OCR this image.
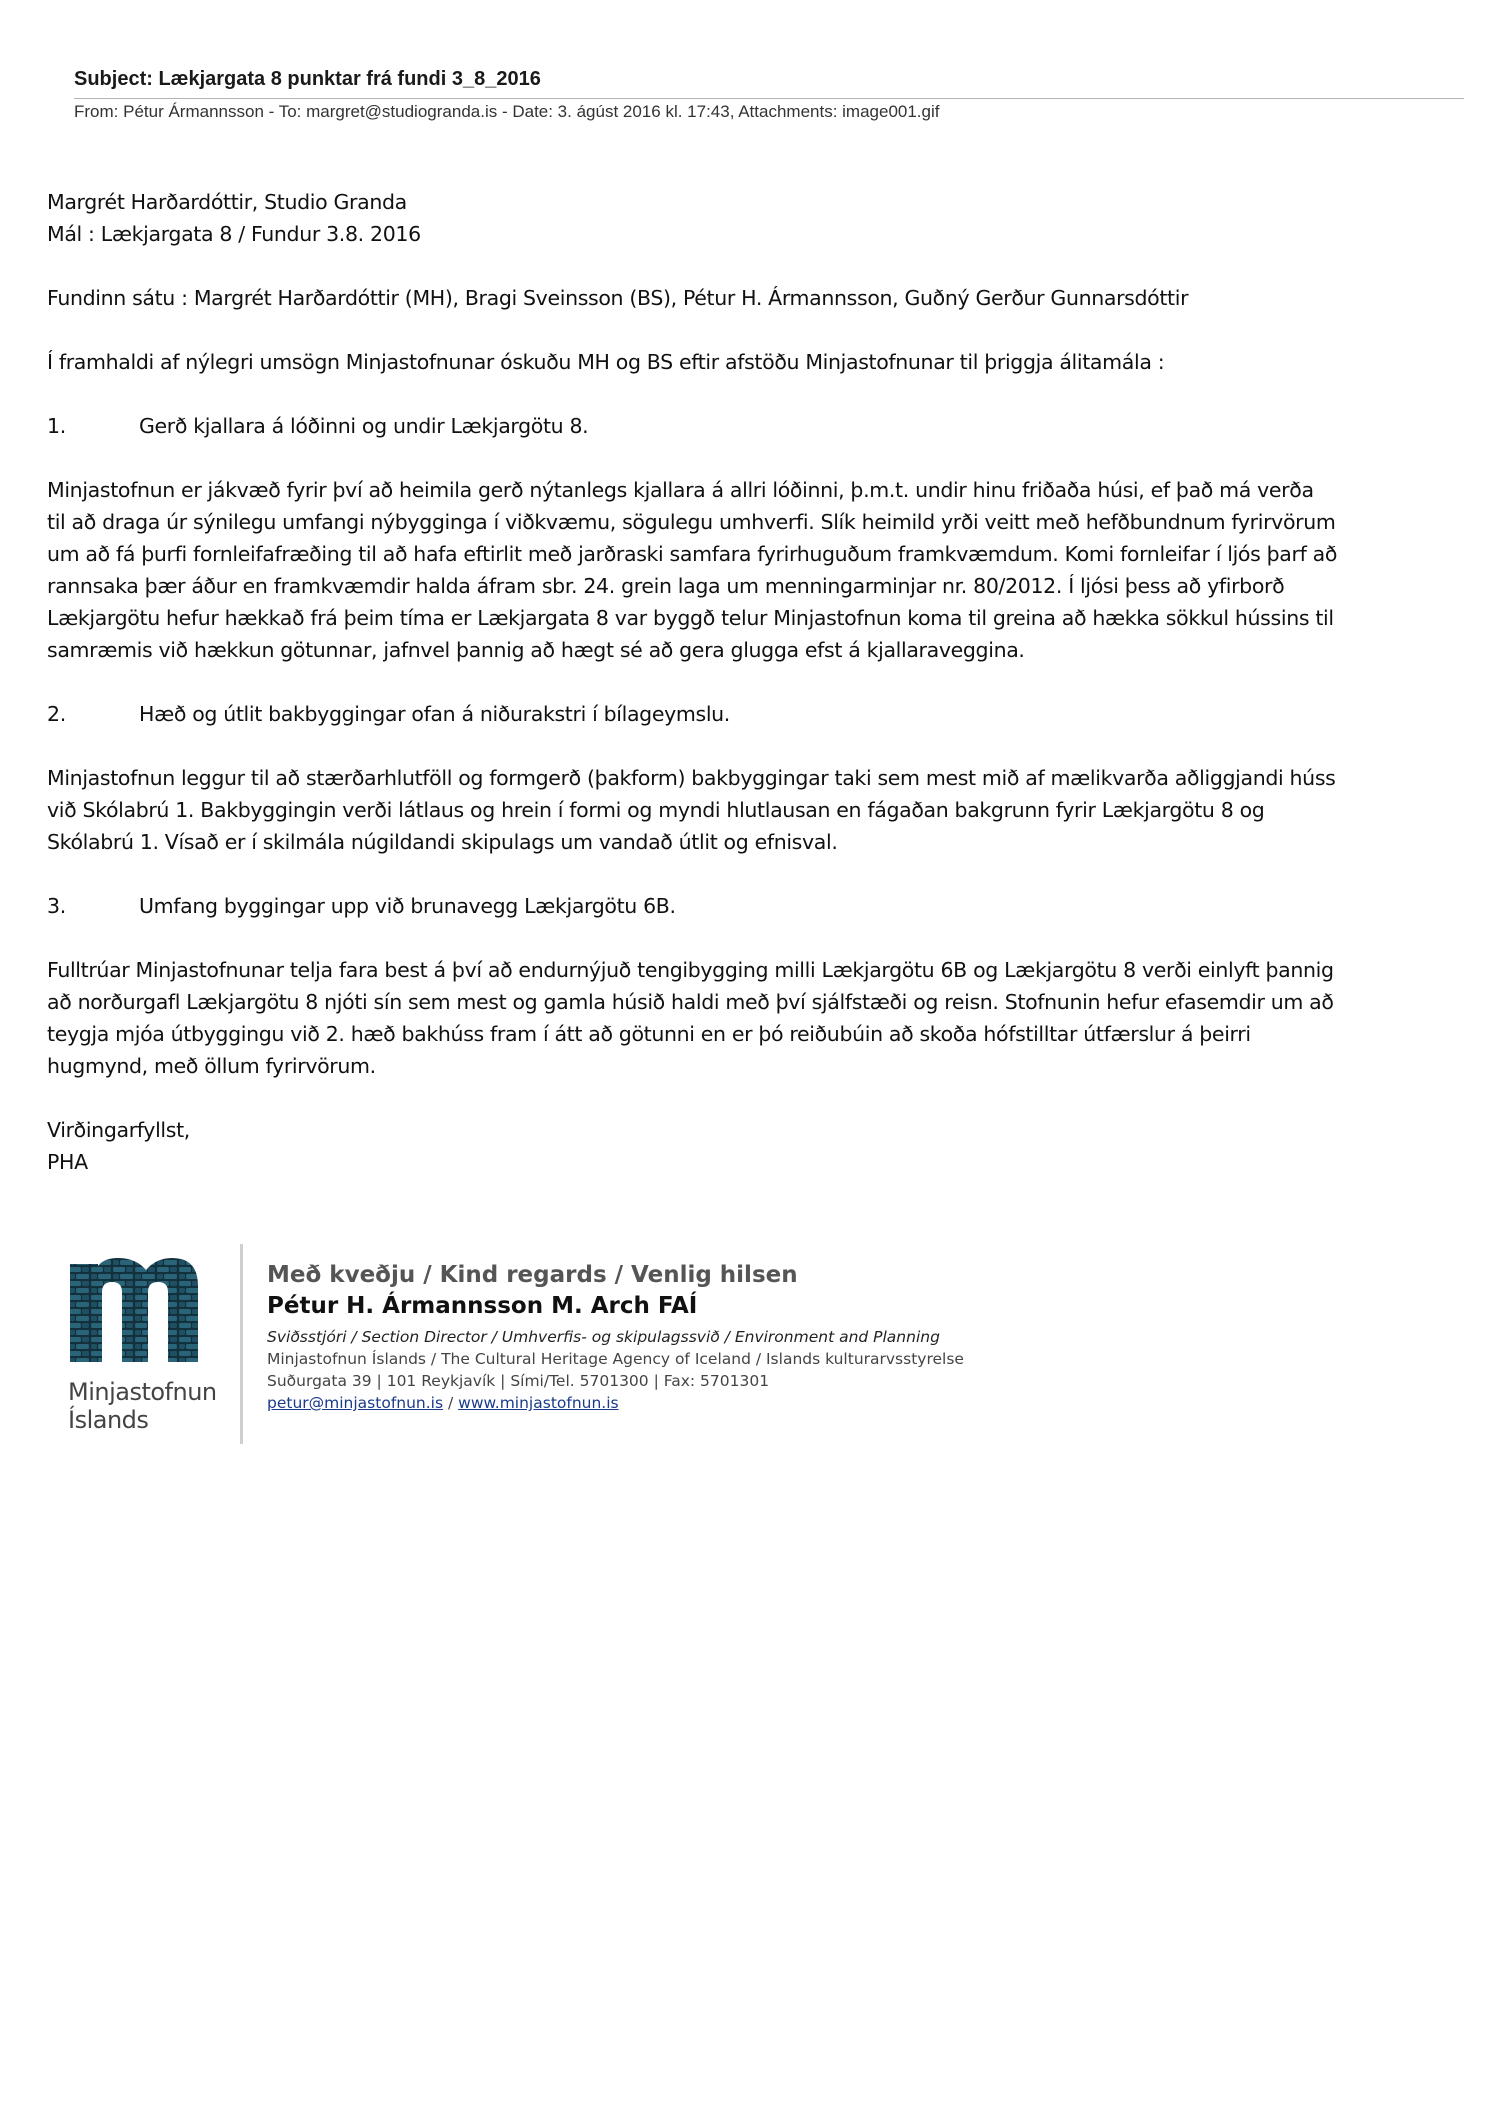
Subject: Lækjargata 8 punktar frá fundi 3_8_2016

From: Pétur Ármannsson - To: margret@studiogranda.is - Date: 3. ágúst 2016 kl. 17:43, Attachments: image001.gif

Margrét Harðardóttir, Studio Granda

Mál : Lækjargata 8 / Fundur 3.8. 2016

Fundinn sátu : Margrét Harðardóttir (MH), Bragi Sveinsson (BS), Pétur H. Ármannsson, Guðný Gerður Gunnarsdóttir

Í framhaldi af nýlegri umsögn Minjastofnunar óskuðu MH og BS eftir afstöðu Minjastofnunar til þriggja álitamála :

1.	Gerð kjallara á lóðinni og undir Lækjargötu 8.

Minjastofnun er jákvæð fyrir því að heimila gerð nýtanlegs kjallara á allri lóðinni, þ.m.t. undir hinu friðaða húsi, ef það má verða til að draga úr sýnilegu umfangi nýbygginga í viðkvæmu, sögulegu umhverfi. Slík heimild yrði veitt með hefðbundnum fyrirvörum um að fá þurfi fornleifafræðing til að hafa eftirlit með jarðraski samfara fyrirhuguðum framkvæmdum. Komi fornleifar í ljós þarf að rannsaka þær áður en framkvæmdir halda áfram sbr. 24. grein laga um menningarminjar nr. 80/2012. Í ljósi þess að yfirborð Lækjargötu hefur hækkað frá þeim tíma er Lækjargata 8 var byggð telur Minjastofnun koma til greina að hækka sökkul hússins til samræmis við hækkun götunnar, jafnvel þannig að hægt sé að gera glugga efst á kjallaraveggina.

2.	Hæð og útlit bakbyggingar ofan á niðurakstri í bílageymslu.

Minjastofnun leggur til að stærðarhlutföll og formgerð (þakform) bakbyggingar taki sem mest mið af mælikvarða aðliggjandi húss við Skólabrú 1. Bakbyggingin verði látlaus og hrein í formi og myndi hlutlausan en fágaðan bakgrunn fyrir Lækjargötu 8 og Skólabrú 1. Vísað er í skilmála núgildandi skipulags um vandað útlit og efnisval.

3.	Umfang byggingar upp við brunavegg Lækjargötu 6B.

Fulltrúar Minjastofnunar telja fara best á því að endurnýjuð tengibygging milli Lækjargötu 6B og Lækjargötu 8 verði einlyft þannig að norðurgafl Lækjargötu 8 njóti sín sem mest og gamla húsið haldi með því sjálfstæði og reisn. Stofnunin hefur efasemdir um að teygja mjóa útbyggingu við 2. hæð bakhúss fram í átt að götunni en er þó reiðubúin að skoða hófstilltar útfærslur á þeirri hugmynd, með öllum fyrirvörum.

Virðingarfyllst,

PHA

Minjastofnun
Íslands

Með kveðju / Kind regards / Venlig hilsen

Pétur H. Ármannsson M. Arch FAÍ

Sviðsstjóri / Section Director / Umhverfis- og skipulagssvið / Environment and Planning

Minjastofnun Íslands / The Cultural Heritage Agency of Iceland / Islands kulturarvsstyrelse

Suðurgata 39 | 101 Reykjavík | Sími/Tel. 5701300 | Fax: 5701301

petur@minjastofnun.is / www.minjastofnun.is
